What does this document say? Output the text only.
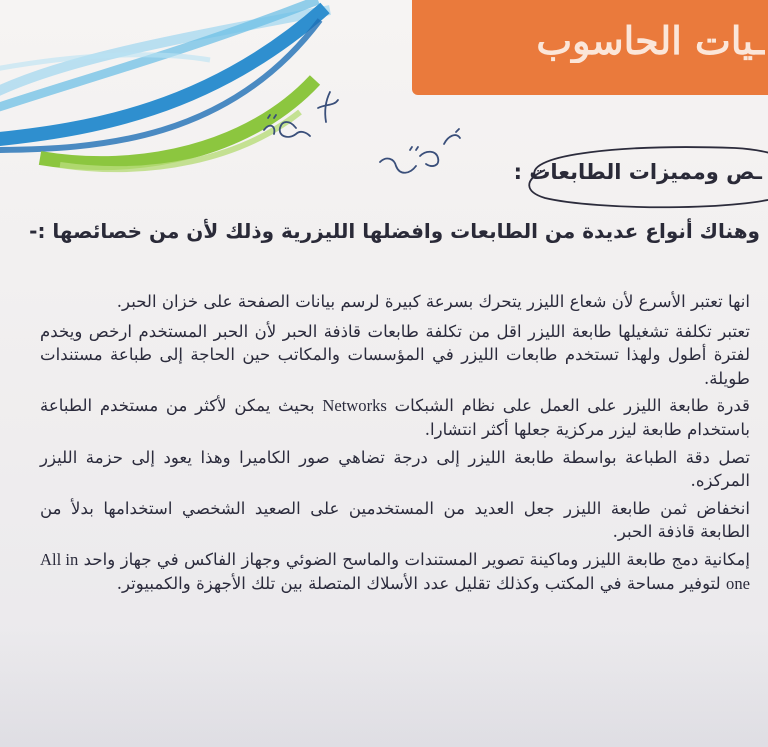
ـيات الحاسوب
ـص ومميزات الطابعات :
وهناك أنواع عديدة من الطابعات وافضلها الليزرية وذلك لأن من خصائصها :-

انها تعتبر الأسرع لأن شعاع الليزر يتحرك بسرعة كبيرة لرسم بيانات الصفحة على خزان الحبر.

تعتبر تكلفة تشغيلها طابعة الليزر اقل من تكلفة طابعات قاذفة الحبر لأن الحبر المستخدم ارخص ويخدم لفترة أطول ولهذا تستخدم طابعات الليزر في المؤسسات والمكاتب حين الحاجة إلى طباعة مستندات طويلة.

قدرة طابعة الليزر على العمل على نظام الشبكات Networks بحيث يمكن لأكثر من مستخدم الطباعة باستخدام طابعة ليزر مركزية جعلها أكثر انتشارا.

تصل دقة الطباعة بواسطة طابعة الليزر إلى درجة تضاهي صور الكاميرا وهذا يعود إلى حزمة الليزر المركزه.

انخفاض ثمن طابعة الليزر جعل العديد من المستخدمين على الصعيد الشخصي استخدامها بدلأ من الطابعة قاذفة الحبر.

إمكانية دمج طابعة الليزر وماكينة تصوير المستندات والماسح الضوئي وجهاز الفاكس في جهاز واحد All in one لتوفير مساحة في المكتب وكذلك تقليل عدد الأسلاك المتصلة بين تلك الأجهزة والكمبيوتر.
